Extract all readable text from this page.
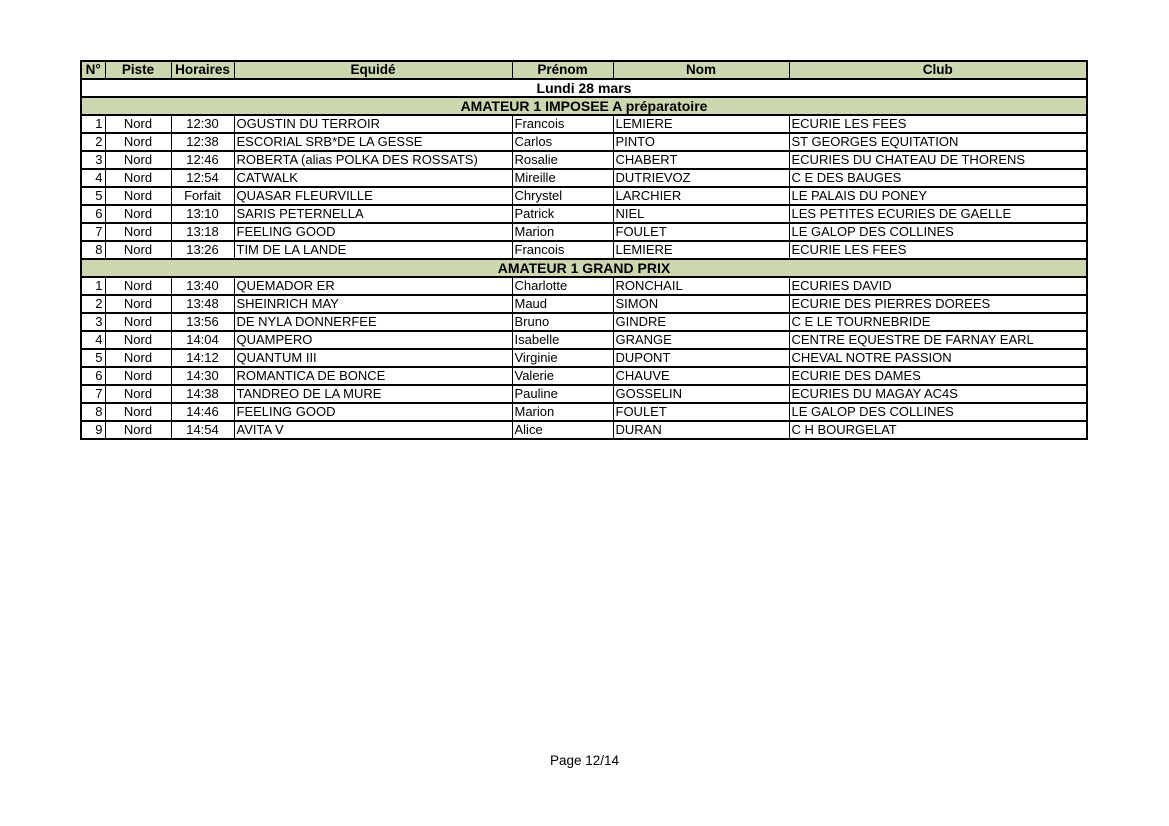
N°	Piste	Horaires	Equidé	Prénom	Nom	Club
Lundi 28 mars						
AMATEUR 1 IMPOSEE A préparatoire						
1	Nord	12:30	OGUSTIN DU TERROIR	Francois	LEMIERE	ECURIE LES FEES
2	Nord	12:38	ESCORIAL SRB*DE LA GESSE	Carlos	PINTO	ST GEORGES EQUITATION
3	Nord	12:46	ROBERTA (alias POLKA DES ROSSATS)	Rosalie	CHABERT	ECURIES DU CHATEAU DE THORENS
4	Nord	12:54	CATWALK	Mireille	DUTRIEVOZ	C E DES BAUGES
5	Nord	Forfait	QUASAR FLEURVILLE	Chrystel	LARCHIER	LE PALAIS DU PONEY
6	Nord	13:10	SARIS PETERNELLA	Patrick	NIEL	LES PETITES ECURIES DE GAELLE
7	Nord	13:18	FEELING GOOD	Marion	FOULET	LE GALOP DES COLLINES
8	Nord	13:26	TIM DE LA LANDE	Francois	LEMIERE	ECURIE LES FEES
AMATEUR 1 GRAND PRIX						
1	Nord	13:40	QUEMADOR ER	Charlotte	RONCHAIL	ECURIES DAVID
2	Nord	13:48	SHEINRICH MAY	Maud	SIMON	ECURIE DES PIERRES DOREES
3	Nord	13:56	DE NYLA DONNERFEE	Bruno	GINDRE	C E LE TOURNEBRIDE
4	Nord	14:04	QUAMPERO	Isabelle	GRANGE	CENTRE EQUESTRE DE FARNAY EARL
5	Nord	14:12	QUANTUM III	Virginie	DUPONT	CHEVAL NOTRE PASSION
6	Nord	14:30	ROMANTICA DE BONCE	Valerie	CHAUVE	ECURIE DES DAMES
7	Nord	14:38	TANDREO DE LA MURE	Pauline	GOSSELIN	ECURIES DU MAGAY AC4S
8	Nord	14:46	FEELING GOOD	Marion	FOULET	LE GALOP DES COLLINES
9	Nord	14:54	AVITA V	Alice	DURAN	C H BOURGELAT
Page 12/14
